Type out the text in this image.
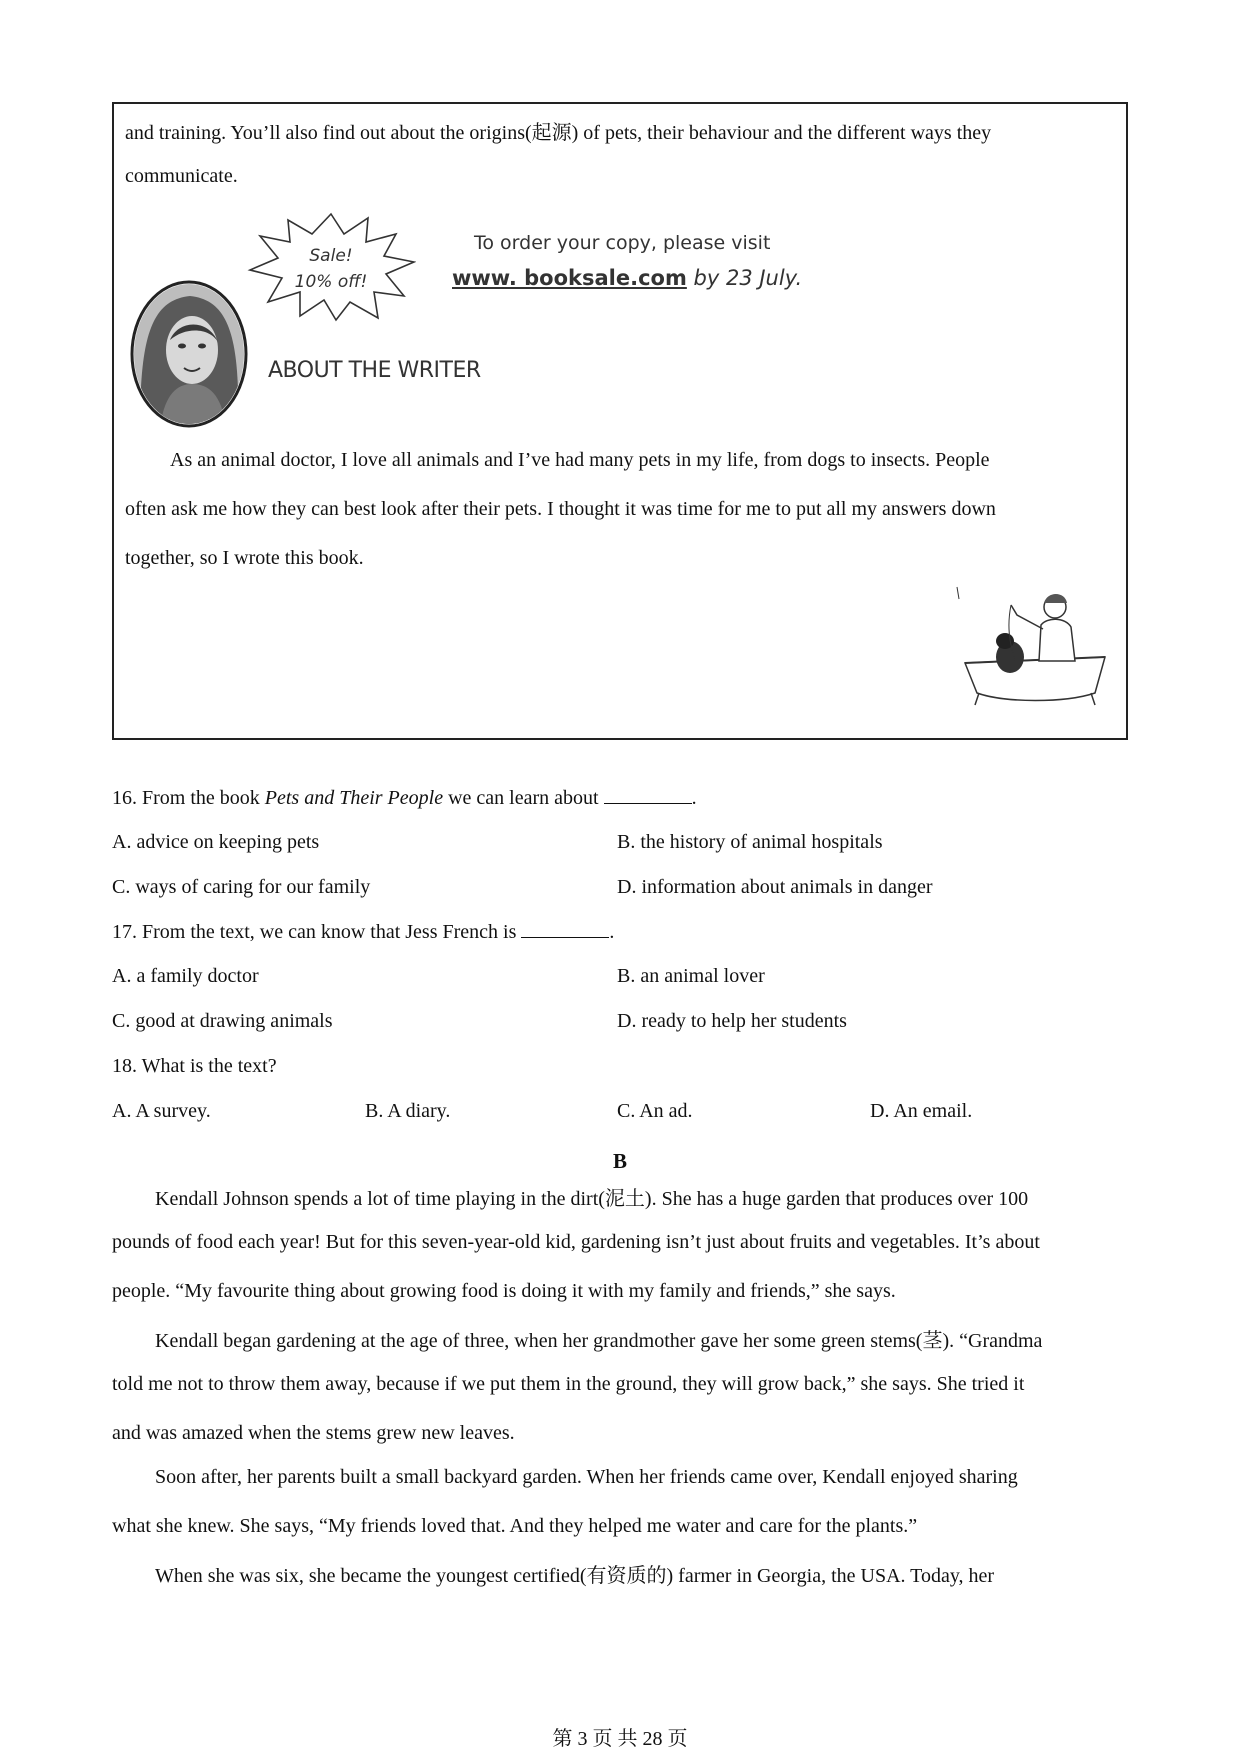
and training. You’ll also find out about the origins(起源) of pets, their behaviour and the different ways they
communicate.
Sale!
10% off!
To order your copy, please visit
www. booksale.com by 23 July.
ABOUT THE WRITER
As an animal doctor, I love all animals and I’ve had many pets in my life, from dogs to insects. People
often ask me how they can best look after their pets. I thought it was time for me to put all my answers down
together, so I wrote this book.
16. From the book Pets and Their People we can learn about	.
A. advice on keeping pets	B. the history of animal hospitals
C. ways of caring for our family	D. information about animals in danger
17. From the text, we can know that Jess French is	.
A. a family doctor	B. an animal lover
C. good at drawing animals	D. ready to help her students
18. What is the text?
A. A survey.	B. A diary.	C. An ad.	D. An email.
B
Kendall Johnson spends a lot of time playing in the dirt(泥土). She has a huge garden that produces over 100
pounds of food each year! But for this seven-year-old kid, gardening isn’t just about fruits and vegetables. It’s about
people. “My favourite thing about growing food is doing it with my family and friends,” she says.
Kendall began gardening at the age of three, when her grandmother gave her some green stems(茎). “Grandma
told me not to throw them away, because if we put them in the ground, they will grow back,” she says. She tried it
and was amazed when the stems grew new leaves.
Soon after, her parents built a small backyard garden. When her friends came over, Kendall enjoyed sharing
what she knew. She says, “My friends loved that. And they helped me water and care for the plants.”
When she was six, she became the youngest certified(有资质的) farmer in Georgia, the USA. Today, her
第 3 页 共 28 页
